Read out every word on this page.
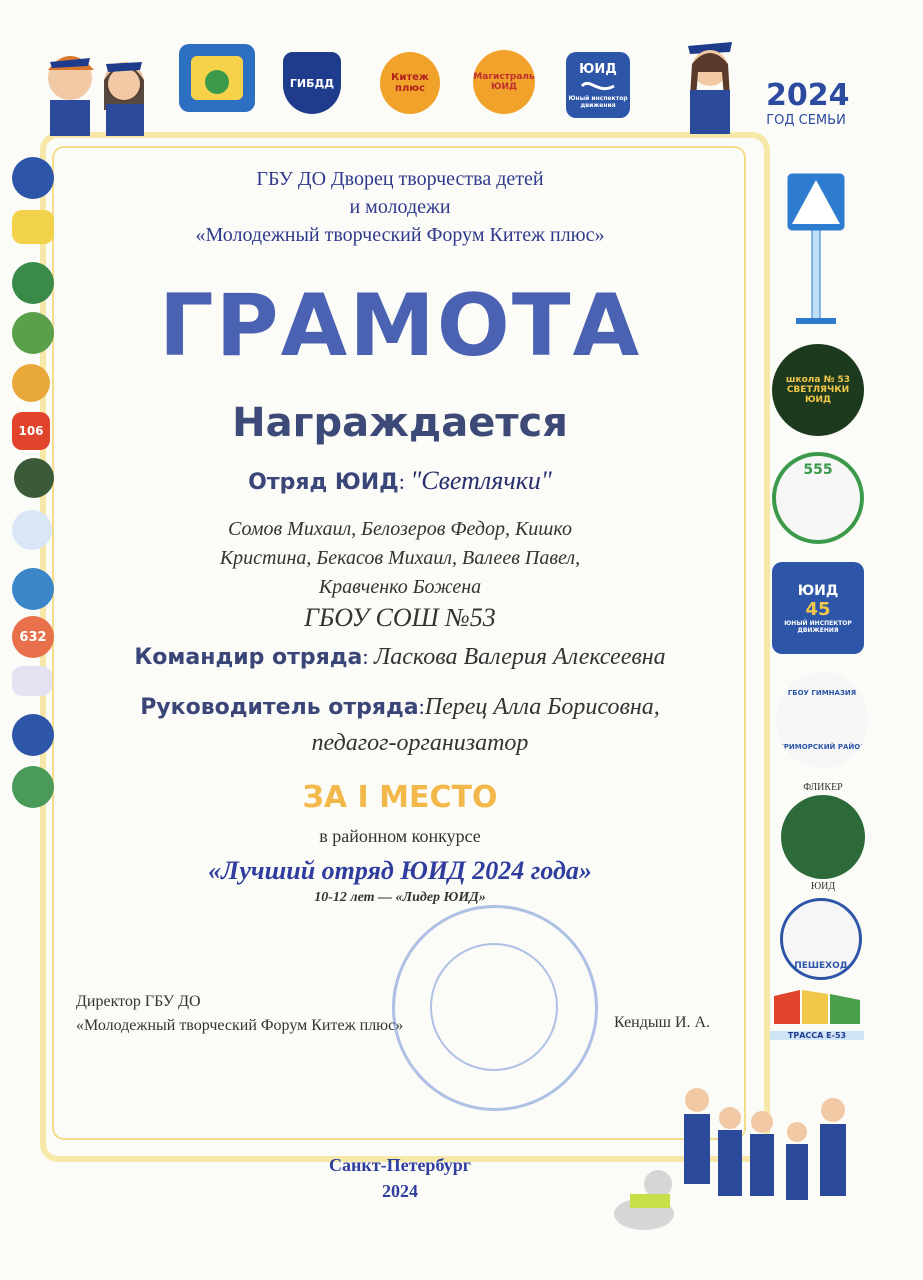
ГИБДД	Китеж плюс
Магистраль ЮИД
ЮИД
Юный инспектор движения	2024
ГОД СЕМЬИ
106
632
школа № 53
СВЕТЛЯЧКИ
ЮИД
555
ЮИД
45
ЮНЫЙ ИНСПЕКТОР ДВИЖЕНИЯ
ГБОУ ГИМНАЗИЯ
ПРИМОРСКИЙ РАЙОН
ФЛИКЕР
ЮИД
ПЕШЕХОД
ТРАССА Е-53
ГБУ ДО Дворец творчества детей
и молодежи
«Молодежный творческий Форум Китеж плюс»
ГРАМОТА
Награждается
Отряд ЮИД: "Светлячки"
Сомов Михаил, Белозеров Федор, Кишко
Кристина, Бекасов Михаил, Валеев Павел,
Кравченко Божена
ГБОУ СОШ №53
Командир отряда: Ласкова Валерия Алексеевна
Руководитель отряда:Перец Алла Борисовна,
педагог-организатор
ЗА I МЕСТО
в районном конкурсе
«Лучший отряд ЮИД 2024 года»
10-12 лет — «Лидер ЮИД»
Директор ГБУ ДО
«Молодежный творческий Форум Китеж плюс»	Кендыш И. А.
Санкт-Петербург
2024
